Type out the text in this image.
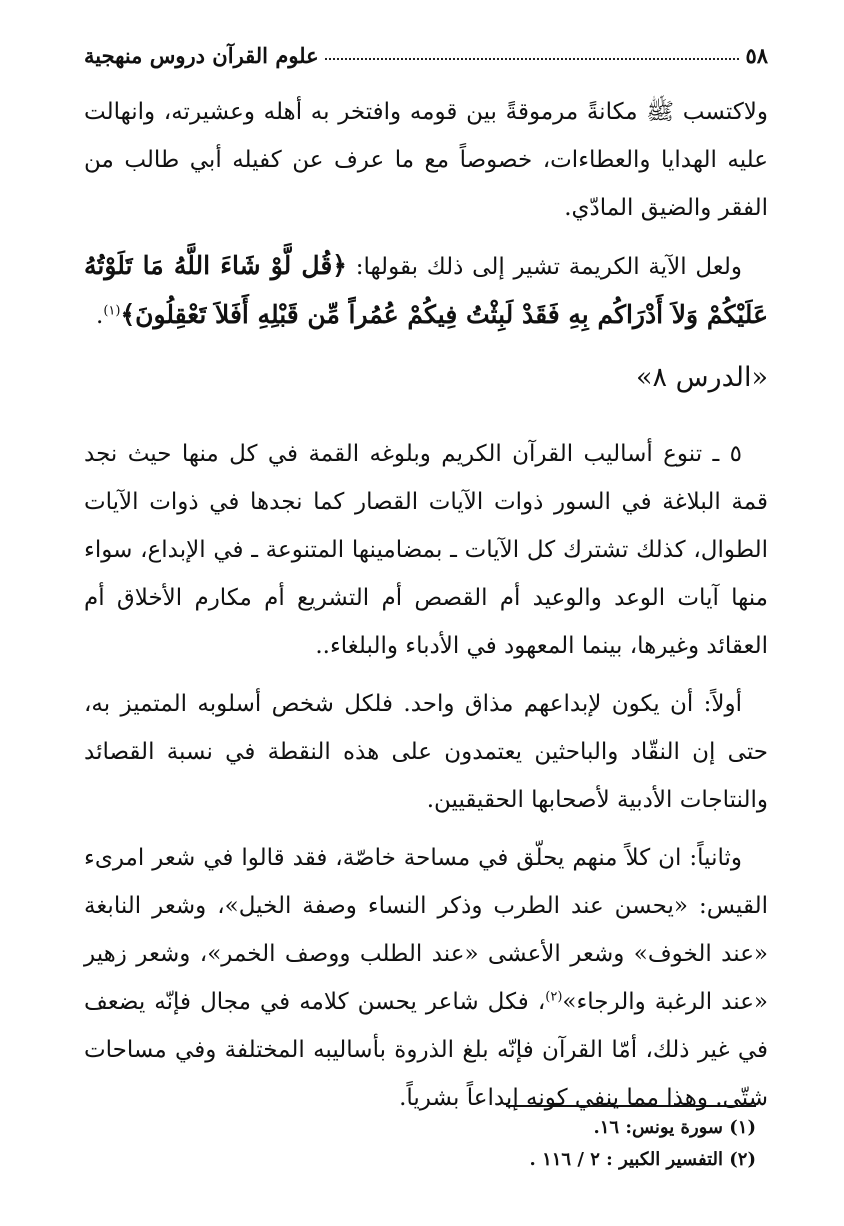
٥٨
علوم القرآن دروس منهجية

ولاكتسب ﷺ مكانةً مرموقةً بين قومه وافتخر به أهله وعشيرته، وانهالت عليه الهدايا والعطاءات، خصوصاً مع ما عرف عن كفيله أبي طالب من الفقر والضيق المادّي.

ولعل الآية الكريمة تشير إلى ذلك بقولها: ﴿قُل لَّوْ شَاءَ اللَّهُ مَا تَلَوْتُهُ عَلَيْكُمْ وَلاَ أَدْرَاكُم بِهِ فَقَدْ لَبِثْتُ فِيكُمْ عُمُراً مِّن قَبْلِهِ أَفَلاَ تَعْقِلُونَ﴾$^{(١)}$.

«الدرس ٨»

٥ ـ تنوع أساليب القرآن الكريم وبلوغه القمة في كل منها حيث نجد قمة البلاغة في السور ذوات الآيات القصار كما نجدها في ذوات الآيات الطوال، كذلك تشترك كل الآيات ـ بمضامينها المتنوعة ـ في الإبداع، سواء منها آيات الوعد والوعيد أم القصص أم التشريع أم مكارم الأخلاق أم العقائد وغيرها، بينما المعهود في الأدباء والبلغاء..

أولاً: أن يكون لإبداعهم مذاق واحد. فلكل شخص أسلوبه المتميز به، حتى إن النقّاد والباحثين يعتمدون على هذه النقطة في نسبة القصائد والنتاجات الأدبية لأصحابها الحقيقيين.

وثانياً: ان كلاً منهم يحلّق في مساحة خاصّة، فقد قالوا في شعر امرىء القيس: «يحسن عند الطرب وذكر النساء وصفة الخيل»، وشعر النابغة «عند الخوف» وشعر الأعشى «عند الطلب ووصف الخمر»، وشعر زهير «عند الرغبة والرجاء»$^{(٢)}$، فكل شاعر يحسن كلامه في مجال فإنّه يضعف في غير ذلك، أمّا القرآن فإنّه بلغ الذروة بأساليبه المختلفة وفي مساحات شتّى. وهذا مما ينفي كونه إبداعاً بشرياً.

(١) سورة يونس: ١٦.
(٢) التفسير الكبير : ٢ / ١١٦ .
